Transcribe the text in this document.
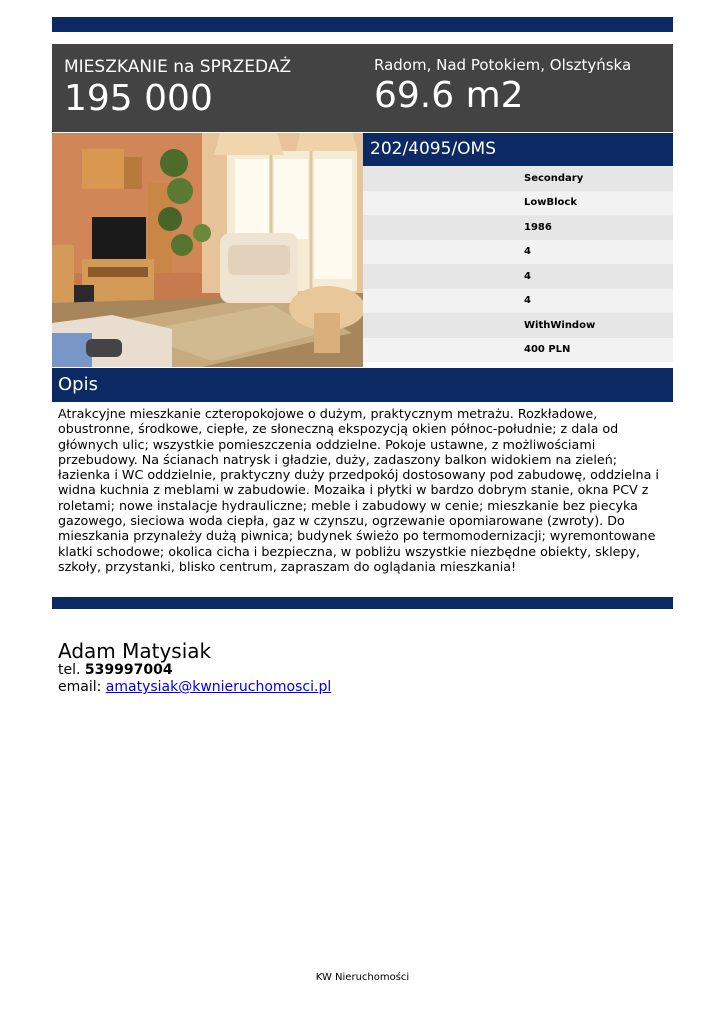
MIESZKANIE na SPRZEDAŻ
195 000
Radom, Nad Potokiem, Olsztyńska
69.6 m2
202/4095/OMS
Secondary
LowBlock
1986
4
4
4
WithWindow
400 PLN
Opis
Atrakcyjne mieszkanie czteropokojowe o dużym, praktycznym metrażu. Rozkładowe, obustronne, środkowe, ciepłe, ze słoneczną ekspozycją okien północ-południe; z dala od głównych ulic; wszystkie pomieszczenia oddzielne. Pokoje ustawne, z możliwościami przebudowy. Na ścianach natrysk i gładzie, duży, zadaszony balkon widokiem na zieleń; łazienka i WC oddzielnie, praktyczny duży przedpokój dostosowany pod zabudowę, oddzielna i widna kuchnia z meblami w zabudowie. Mozaika i płytki w bardzo dobrym stanie, okna PCV z roletami; nowe instalacje hydrauliczne; meble i zabudowy w cenie; mieszkanie bez piecyka gazowego, sieciowa woda ciepła, gaz w czynszu, ogrzewanie opomiarowane (zwroty). Do mieszkania przynależy dużą piwnica; budynek świeżo po termomodernizacji; wyremontowane klatki schodowe; okolica cicha i bezpieczna, w pobliżu wszystkie niezbędne obiekty, sklepy, szkoły, przystanki, blisko centrum, zapraszam do oglądania mieszkania!
Adam Matysiak
tel. 539997004
email: amatysiak@kwnieruchomosci.pl
KW Nieruchomości
